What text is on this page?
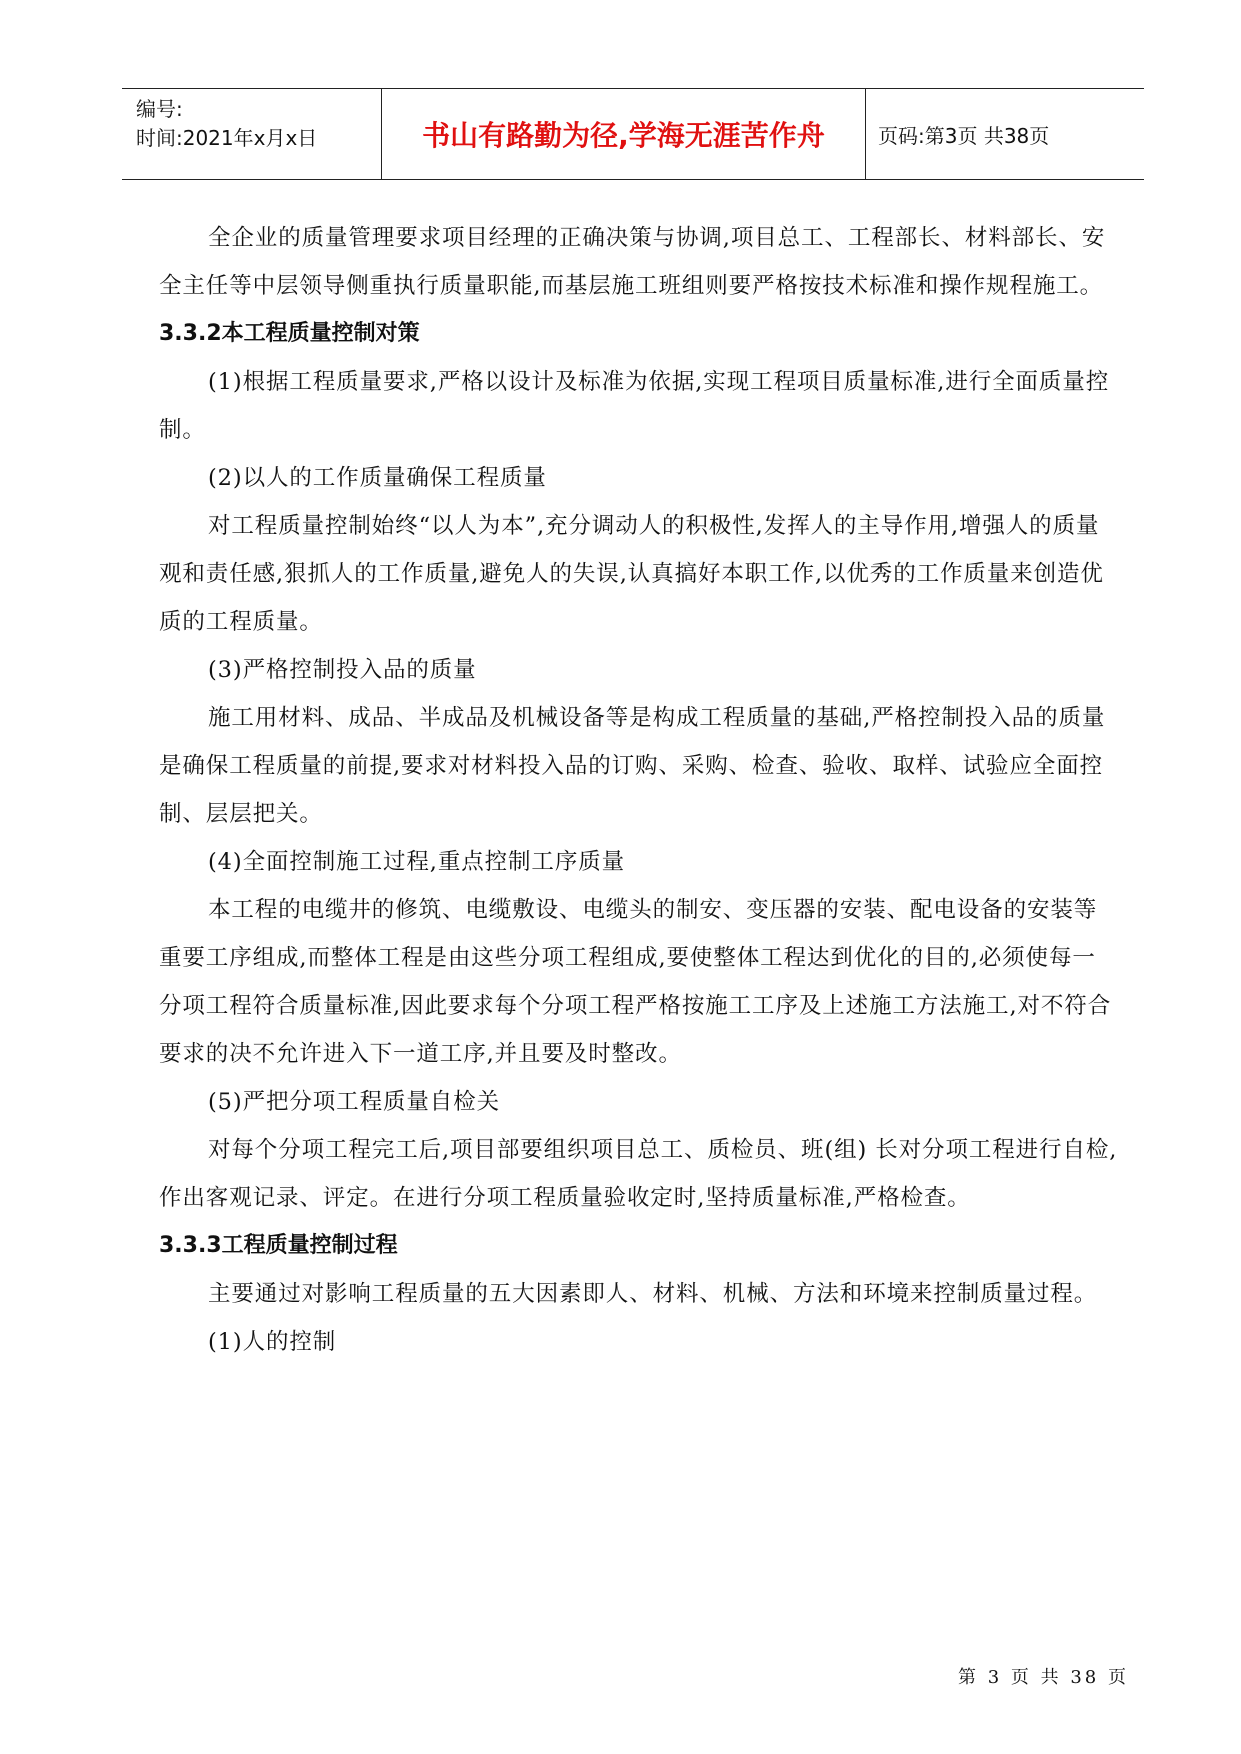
编号:
时间:2021年x月x日	书山有路勤为径,学海无涯苦作舟	页码:第3页 共38页

全企业的质量管理要求项目经理的正确决策与协调,项目总工、工程部长、材料部长、安全主任等中层领导侧重执行质量职能,而基层施工班组则要严格按技术标准和操作规程施工。

3.3.2本工程质量控制对策

(1)根据工程质量要求,严格以设计及标准为依据,实现工程项目质量标准,进行全面质量控制。

(2)以人的工作质量确保工程质量

对工程质量控制始终“以人为本”,充分调动人的积极性,发挥人的主导作用,增强人的质量观和责任感,狠抓人的工作质量,避免人的失误,认真搞好本职工作,以优秀的工作质量来创造优质的工程质量。

(3)严格控制投入品的质量

施工用材料、成品、半成品及机械设备等是构成工程质量的基础,严格控制投入品的质量是确保工程质量的前提,要求对材料投入品的订购、采购、检查、验收、取样、试验应全面控制、层层把关。

(4)全面控制施工过程,重点控制工序质量

本工程的电缆井的修筑、电缆敷设、电缆头的制安、变压器的安装、配电设备的安装等重要工序组成,而整体工程是由这些分项工程组成,要使整体工程达到优化的目的,必须使每一分项工程符合质量标准,因此要求每个分项工程严格按施工工序及上述施工方法施工,对不符合要求的决不允许进入下一道工序,并且要及时整改。

(5)严把分项工程质量自检关

对每个分项工程完工后,项目部要组织项目总工、质检员、班(组) 长对分项工程进行自检,作出客观记录、评定。在进行分项工程质量验收定时,坚持质量标准,严格检查。

3.3.3工程质量控制过程

主要通过对影响工程质量的五大因素即人、材料、机械、方法和环境来控制质量过程。

(1)人的控制

第 3 页 共 38 页
